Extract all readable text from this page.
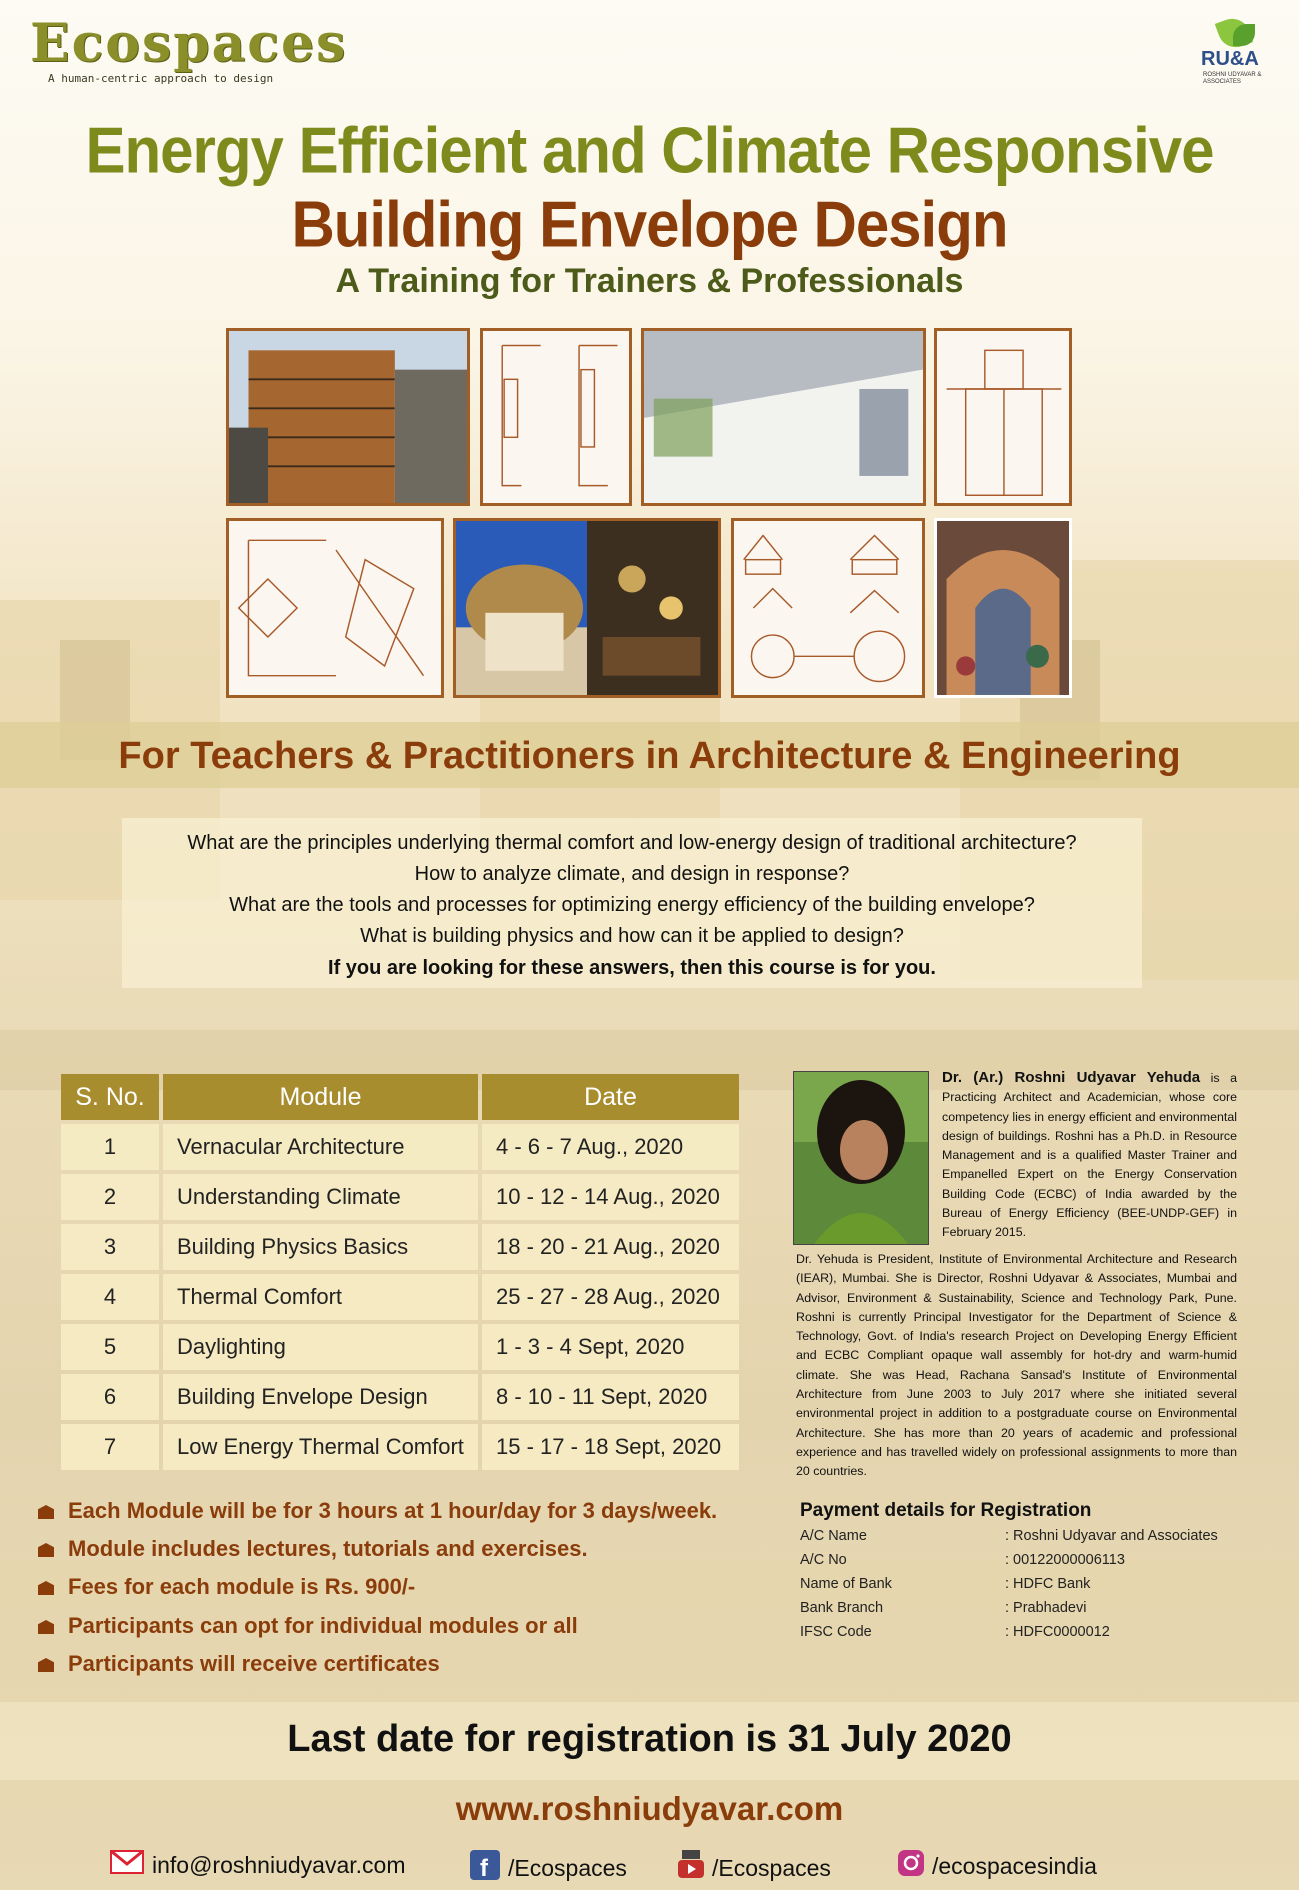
Ecospaces
A human-centric approach to design
RU&A
ROSHNI UDYAVAR & ASSOCIATES
Energy Efficient and Climate Responsive
Building Envelope Design
A Training for Trainers & Professionals
For Teachers & Practitioners in Architecture & Engineering
What are the principles underlying thermal comfort and low-energy design of traditional architecture?
How to analyze climate, and design in response?
What are the tools and processes for optimizing energy efficiency of the building envelope?
What is building physics and how can it be applied to design?
If you are looking for these answers, then this course is for you.
S. No.	Module	Date
1	Vernacular Architecture	4 - 6 - 7 Aug., 2020
2	Understanding Climate	10 - 12 - 14 Aug., 2020
3	Building Physics Basics	18 - 20 - 21 Aug., 2020
4	Thermal Comfort	25 - 27 - 28 Aug., 2020
5	Daylighting	1 - 3 - 4 Sept, 2020
6	Building Envelope Design	8 - 10 - 11 Sept, 2020
7	Low Energy Thermal Comfort	15 - 17 - 18 Sept, 2020
Each Module will be for 3 hours at 1 hour/day for 3 days/week.
Module includes lectures, tutorials and exercises.
Fees for each module is Rs. 900/-
Participants can opt for individual modules or all
Participants will receive certificates
Dr. (Ar.) Roshni Udyavar Yehuda is a Practicing Architect and Academician, whose core competency lies in energy efficient and environmental design of buildings. Roshni has a Ph.D. in Resource Management and is a qualified Master Trainer and Empanelled Expert on the Energy Conservation Building Code (ECBC) of India awarded by the Bureau of Energy Efficiency (BEE-UNDP-GEF) in February 2015.
Dr. Yehuda is President, Institute of Environmental Architecture and Research (IEAR), Mumbai. She is Director, Roshni Udyavar & Associates, Mumbai and Advisor, Environment & Sustainability, Science and Technology Park, Pune. Roshni is currently Principal Investigator for the Department of Science & Technology, Govt. of India's research Project on Developing Energy Efficient and ECBC Compliant opaque wall assembly for hot-dry and warm-humid climate. She was Head, Rachana Sansad's Institute of Environmental Architecture from June 2003 to July 2017 where she initiated several environmental project in addition to a postgraduate course on Environmental Architecture. She has more than 20 years of academic and professional experience and has travelled widely on professional assignments to more than 20 countries.
Payment details for Registration
A/C Name	: Roshni Udyavar and Associates
A/C No	: 00122000006113
Name of Bank	: HDFC Bank
Bank Branch	: Prabhadevi
IFSC Code	: HDFC0000012
Last date for registration is 31 July 2020
www.roshniudyavar.com
info@roshniudyavar.com	f /Ecospaces	/Ecospaces	/ecospacesindia
